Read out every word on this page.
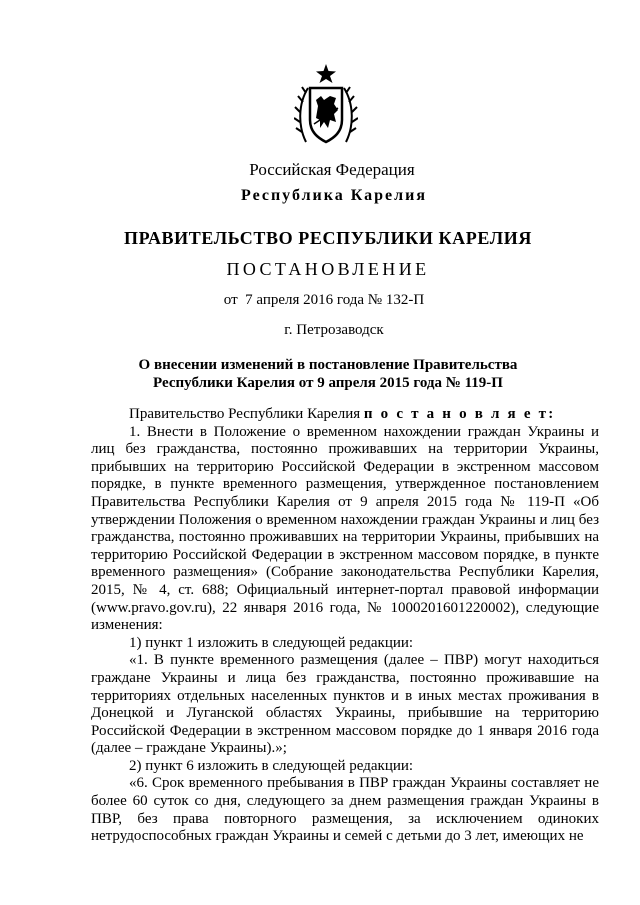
Российская Федерация
Республика Карелия
ПРАВИТЕЛЬСТВО РЕСПУБЛИКИ КАРЕЛИЯ
ПОСТАНОВЛЕНИЕ
от  7 апреля 2016 года № 132-П
г. Петрозаводск
О внесении изменений в постановление Правительства
Республики Карелия от 9 апреля 2015 года № 119-П

Правительство Республики Карелия п о с т а н о в л я е т:

1. Внести в Положение о временном нахождении граждан Украины и лиц без гражданства, постоянно проживавших на территории Украины, прибывших на территорию Российской Федерации в экстренном массовом порядке, в пункте временного размещения, утвержденное постановлением Правительства Республики Карелия от 9 апреля 2015 года № 119-П «Об утверждении Положения о временном нахождении граждан Украины и лиц без гражданства, постоянно проживавших на территории Украины, прибывших на территорию Российской Федерации в экстренном массовом порядке, в пункте временного размещения» (Собрание законодательства Республики Карелия, 2015, № 4, ст. 688; Официальный интернет-портал правовой информации (www.pravo.gov.ru), 22 января 2016 года, № 1000201601220002), следующие изменения:

1) пункт 1 изложить в следующей редакции:

«1. В пункте временного размещения (далее – ПВР) могут находиться граждане Украины и лица без гражданства, постоянно проживавшие на территориях отдельных населенных пунктов и в иных местах проживания в Донецкой и Луганской областях Украины, прибывшие на территорию Российской Федерации в экстренном массовом порядке до 1 января 2016 года (далее – граждане Украины).»;

2) пункт 6 изложить в следующей редакции:

«6. Срок временного пребывания в ПВР граждан Украины составляет не более 60 суток со дня, следующего за днем размещения граждан Украины в ПВР, без права повторного размещения, за исключением одиноких нетрудоспособных граждан Украины и семей с детьми до 3 лет, имеющих не
